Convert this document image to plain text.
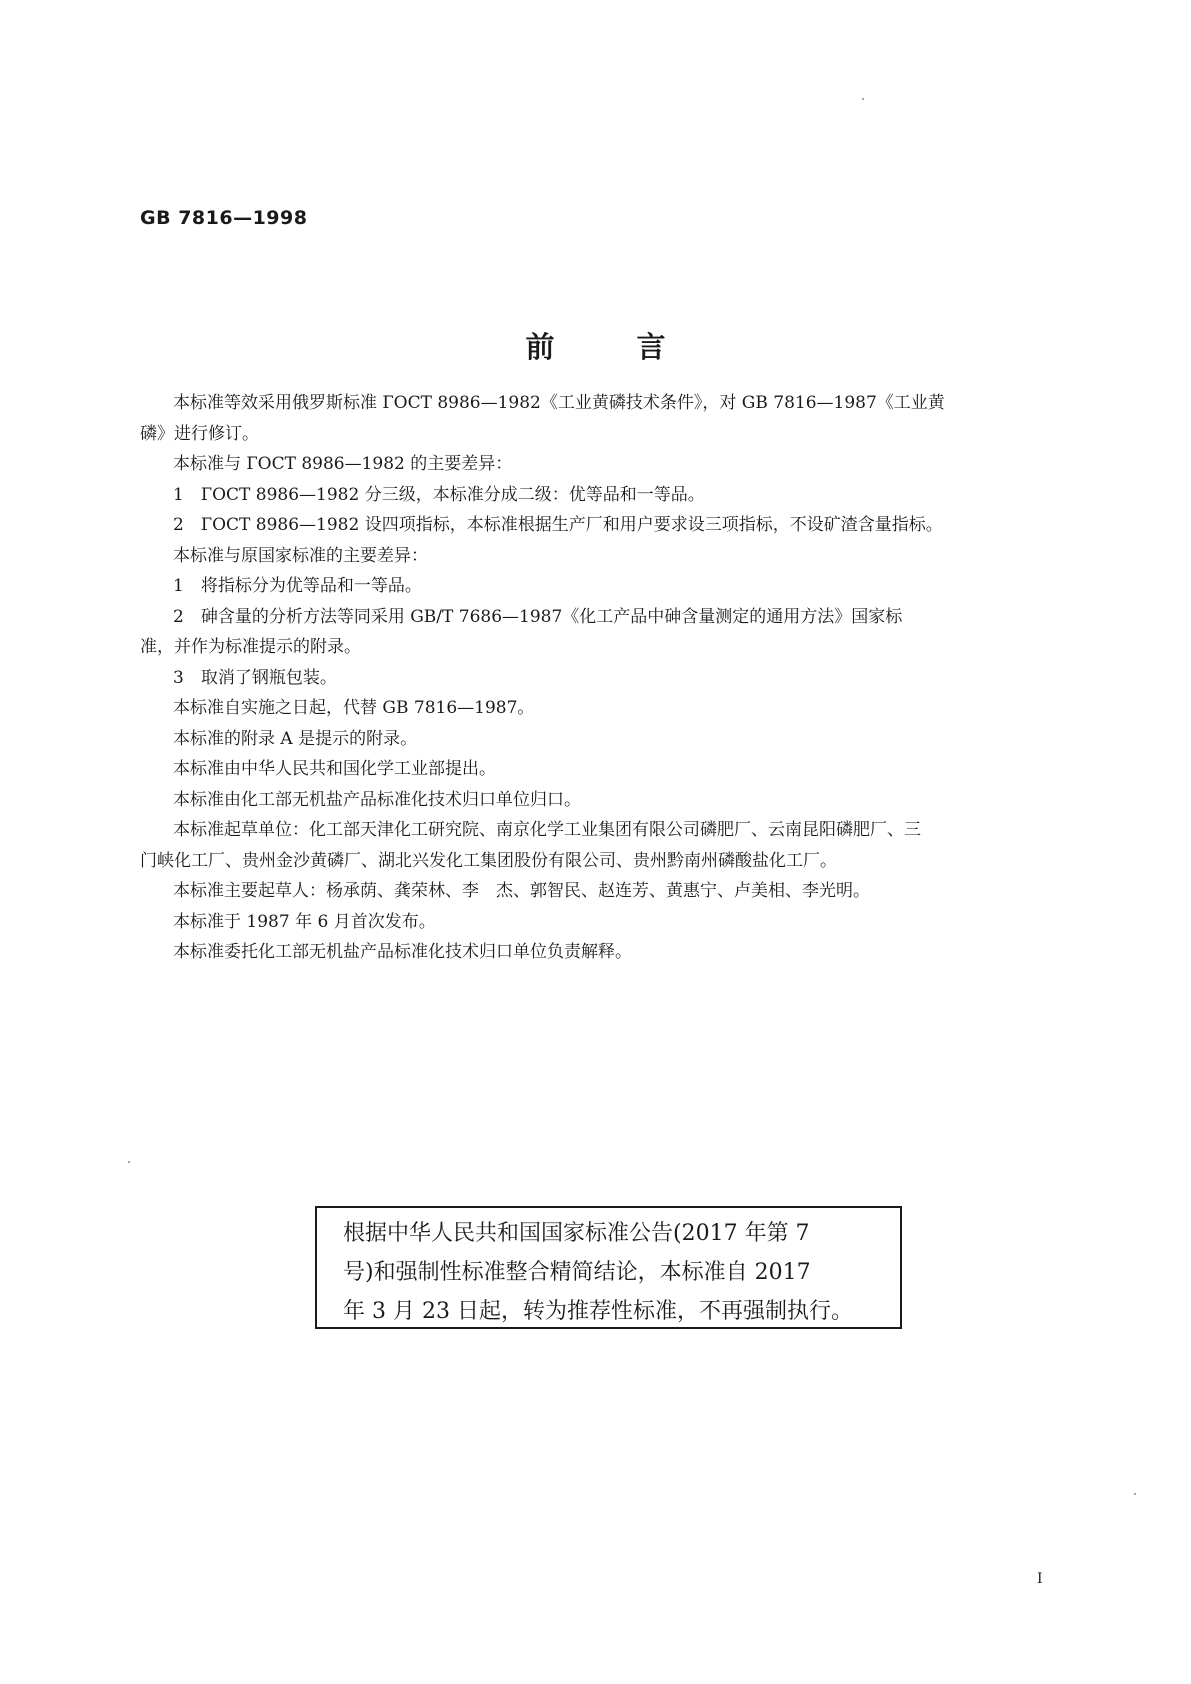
GB 7816—1998
前言
本标准等效采用俄罗斯标准 ГОСТ 8986—1982《工业黄磷技术条件》，对 GB 7816—1987《工业黄
磷》进行修订。
本标准与 ГОСТ 8986—1982 的主要差异：
1　ГОСТ 8986—1982 分三级，本标准分成二级：优等品和一等品。
2　ГОСТ 8986—1982 设四项指标，本标准根据生产厂和用户要求设三项指标，不设矿渣含量指标。
本标准与原国家标准的主要差异：
1　将指标分为优等品和一等品。
2　砷含量的分析方法等同采用 GB/T 7686—1987《化工产品中砷含量测定的通用方法》国家标
准，并作为标准提示的附录。
3　取消了钢瓶包装。
本标准自实施之日起，代替 GB 7816—1987。
本标准的附录 A 是提示的附录。
本标准由中华人民共和国化学工业部提出。
本标准由化工部无机盐产品标准化技术归口单位归口。
本标准起草单位：化工部天津化工研究院、南京化学工业集团有限公司磷肥厂、云南昆阳磷肥厂、三
门峡化工厂、贵州金沙黄磷厂、湖北兴发化工集团股份有限公司、贵州黔南州磷酸盐化工厂。
本标准主要起草人：杨承荫、龚荣林、李　杰、郭智民、赵连芳、黄惠宁、卢美相、李光明。
本标准于 1987 年 6 月首次发布。
本标准委托化工部无机盐产品标准化技术归口单位负责解释。
根据中华人民共和国国家标准公告(2017 年第 7
号)和强制性标准整合精简结论，本标准自 2017
年 3 月 23 日起，转为推荐性标准，不再强制执行。
I
